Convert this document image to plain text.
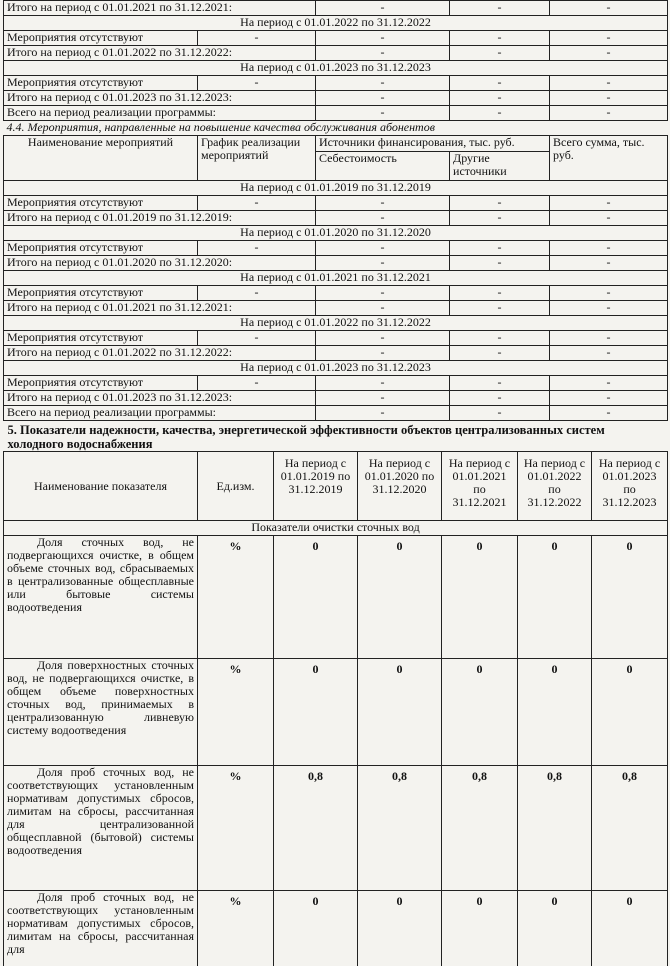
Итого на период с 01.01.2021 по 31.12.2021:		-	-	-
На период с 01.01.2022 по 31.12.2022				
Мероприятия отсутствуют	-	-	-	-
Итого на период с 01.01.2022 по 31.12.2022:		-	-	-
На период с 01.01.2023 по 31.12.2023				
Мероприятия отсутствуют	-	-	-	-
Итого на период с 01.01.2023 по 31.12.2023:		-	-	-
Всего на период реализации программы:		-	-	-
4.4. Мероприятия, направленные на повышение качества обслуживания абонентов				
Наименование мероприятий	График реализации мероприятий	Источники финансирования, тыс. руб.		Всего сумма, тыс. руб.
		Себестоимость	Другие источники	
На период с 01.01.2019 по 31.12.2019				
Мероприятия отсутствуют	-	-	-	-
Итого на период с 01.01.2019 по 31.12.2019:		-	-	-
На период с 01.01.2020 по 31.12.2020				
Мероприятия отсутствуют	-	-	-	-
Итого на период с 01.01.2020 по 31.12.2020:		-	-	-
На период с 01.01.2021 по 31.12.2021				
Мероприятия отсутствуют	-	-	-	-
Итого на период с 01.01.2021 по 31.12.2021:		-	-	-
На период с 01.01.2022 по 31.12.2022				
Мероприятия отсутствуют	-	-	-	-
Итого на период с 01.01.2022 по 31.12.2022:		-	-	-
На период с 01.01.2023 по 31.12.2023				
Мероприятия отсутствуют	-	-	-	-
Итого на период с 01.01.2023 по 31.12.2023:		-	-	-
Всего на период реализации программы:		-	-	-
5. Показатели надежности, качества, энергетической эффективности объектов централизованных систем холодного водоснабжения						
Наименование показателя	Ед.изм.	На период с 01.01.2019 по 31.12.2019	На период с 01.01.2020 по 31.12.2020	На период с 01.01.2021 по 31.12.2021	На период с 01.01.2022 по 31.12.2022	На период с 01.01.2023 по 31.12.2023
Показатели очистки сточных вод						
Доля сточных вод, не подвергающихся очистке, в общем объеме сточных вод, сбрасываемых в централизованные общесплавные или бытовые системы водоотведения	%	0	0	0	0	0
Доля поверхностных сточных вод, не подвергающихся очистке, в общем объеме поверхностных сточных вод, принимаемых в централизованную ливневую систему водоотведения	%	0	0	0	0	0
Доля проб сточных вод, не соответствующих установленным нормативам допустимых сбросов, лимитам на сбросы, рассчитанная для централизованной общесплавной (бытовой) системы водоотведения	%	0,8	0,8	0,8	0,8	0,8
Доля проб сточных вод, не соответствующих установленным нормативам допустимых сбросов, лимитам на сбросы, рассчитанная для	%	0	0	0	0	0
